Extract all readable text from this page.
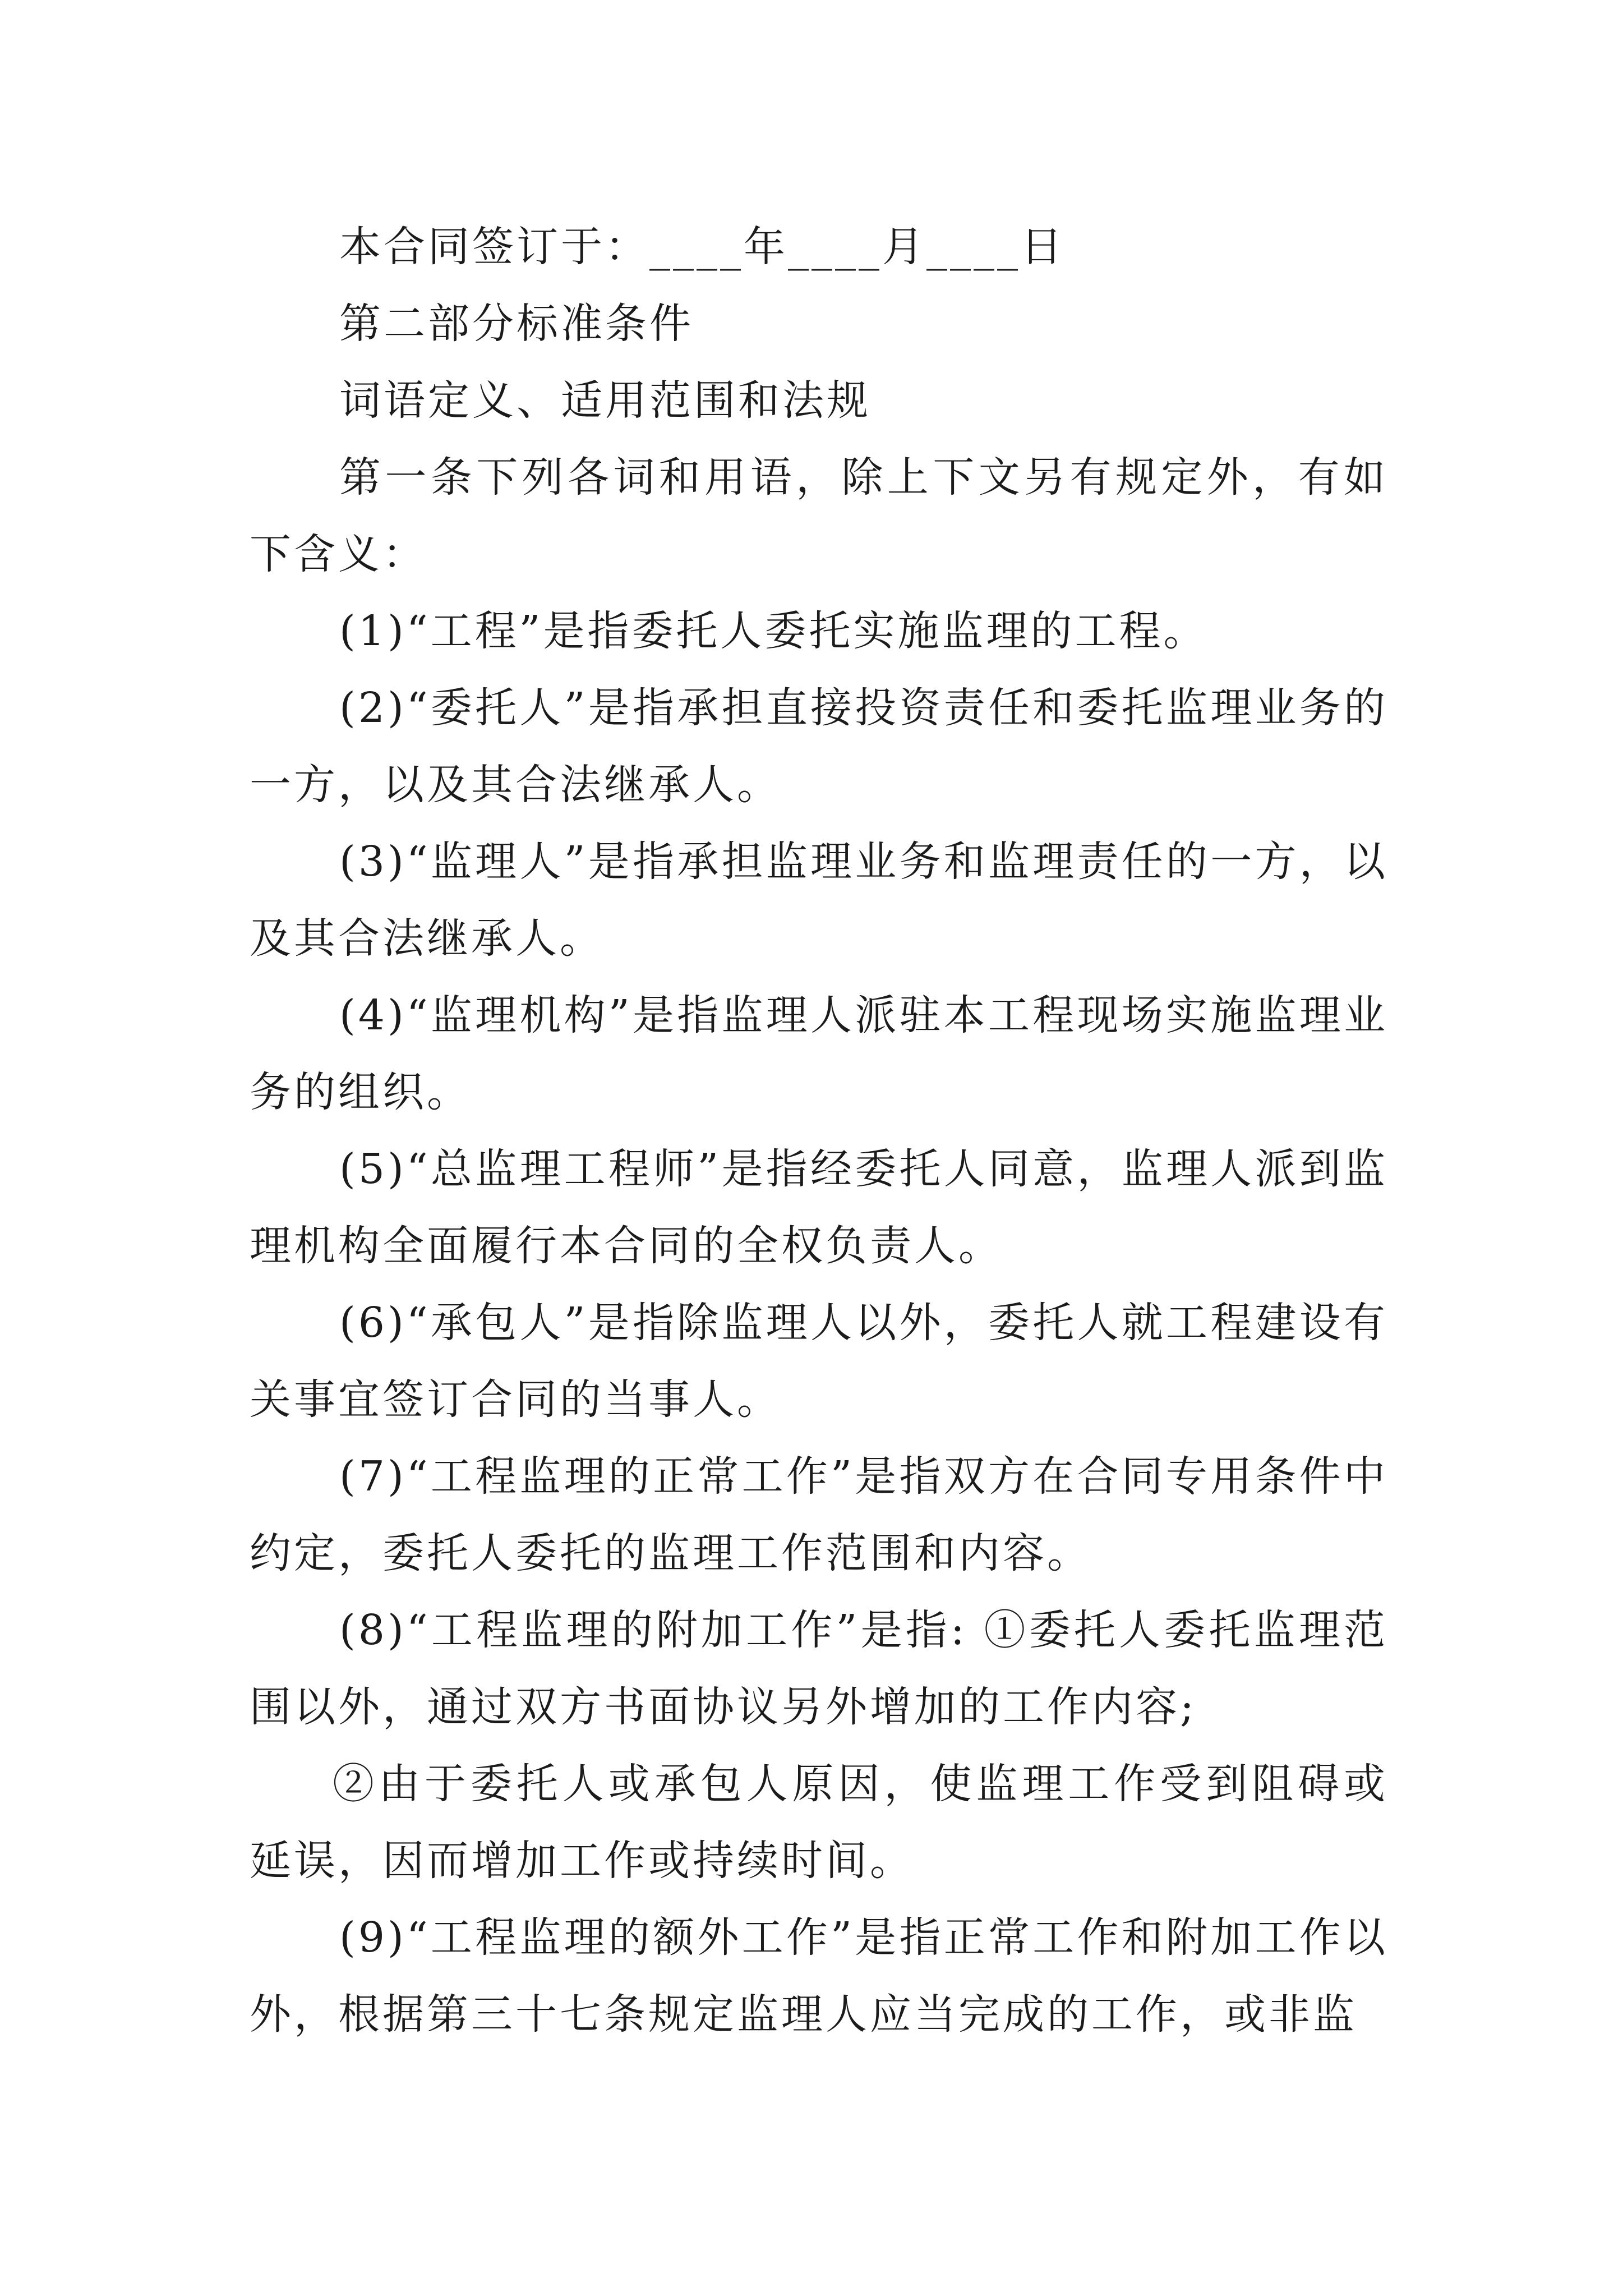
本合同签订于：____年____月____日

第二部分标准条件

词语定义、适用范围和法规

第一条下列各词和用语，除上下文另有规定外，有如下含义：

(1)“工程”是指委托人委托实施监理的工程。

(2)“委托人”是指承担直接投资责任和委托监理业务的一方，以及其合法继承人。

(3)“监理人”是指承担监理业务和监理责任的一方，以及其合法继承人。

(4)“监理机构”是指监理人派驻本工程现场实施监理业务的组织。

(5)“总监理工程师”是指经委托人同意，监理人派到监理机构全面履行本合同的全权负责人。

(6)“承包人”是指除监理人以外，委托人就工程建设有关事宜签订合同的当事人。

(7)“工程监理的正常工作”是指双方在合同专用条件中约定，委托人委托的监理工作范围和内容。

(8)“工程监理的附加工作”是指: ①委托人委托监理范围以外，通过双方书面协议另外增加的工作内容;

②由于委托人或承包人原因，使监理工作受到阻碍或延误，因而增加工作或持续时间。

(9)“工程监理的额外工作”是指正常工作和附加工作以外，根据第三十七条规定监理人应当完成的工作，或非监
